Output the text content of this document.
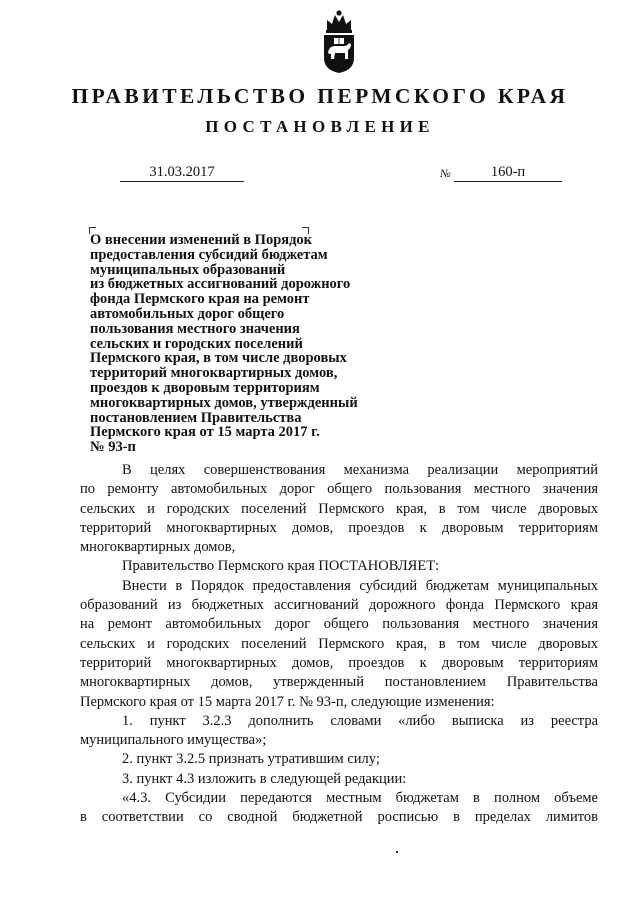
ПРАВИТЕЛЬСТВО ПЕРМСКОГО КРАЯ
ПОСТАНОВЛЕНИЕ
31.03.2017	№	160-п
О внесении изменений в Порядок
предоставления субсидий бюджетам
муниципальных образований
из бюджетных ассигнований дорожного
фонда Пермского края на ремонт
автомобильных дорог общего
пользования местного значения
сельских и городских поселений
Пермского края, в том числе дворовых
территорий многоквартирных домов,
проездов к дворовым территориям
многоквартирных домов, утвержденный
постановлением Правительства
Пермского края от 15 марта 2017 г.
№ 93-п
В целях совершенствования механизма реализации мероприятий
по ремонту автомобильных дорог общего пользования местного значения
сельских и городских поселений Пермского края, в том числе дворовых
территорий многоквартирных домов, проездов к дворовым территориям
многоквартирных домов,
Правительство Пермского края ПОСТАНОВЛЯЕТ:
Внести в Порядок предоставления субсидий бюджетам муниципальных
образований из бюджетных ассигнований дорожного фонда Пермского края
на ремонт автомобильных дорог общего пользования местного значения
сельских и городских поселений Пермского края, в том числе дворовых
территорий многоквартирных домов, проездов к дворовым территориям
многоквартирных домов, утвержденный постановлением Правительства
Пермского края от 15 марта 2017 г. № 93-п, следующие изменения:
1. пункт 3.2.3 дополнить словами «либо выписка из реестра
муниципального имущества»;
2. пункт 3.2.5 признать утратившим силу;
3. пункт 4.3 изложить в следующей редакции:
«4.3. Субсидии передаются местным бюджетам в полном объеме
в соответствии со сводной бюджетной росписью в пределах лимитов
